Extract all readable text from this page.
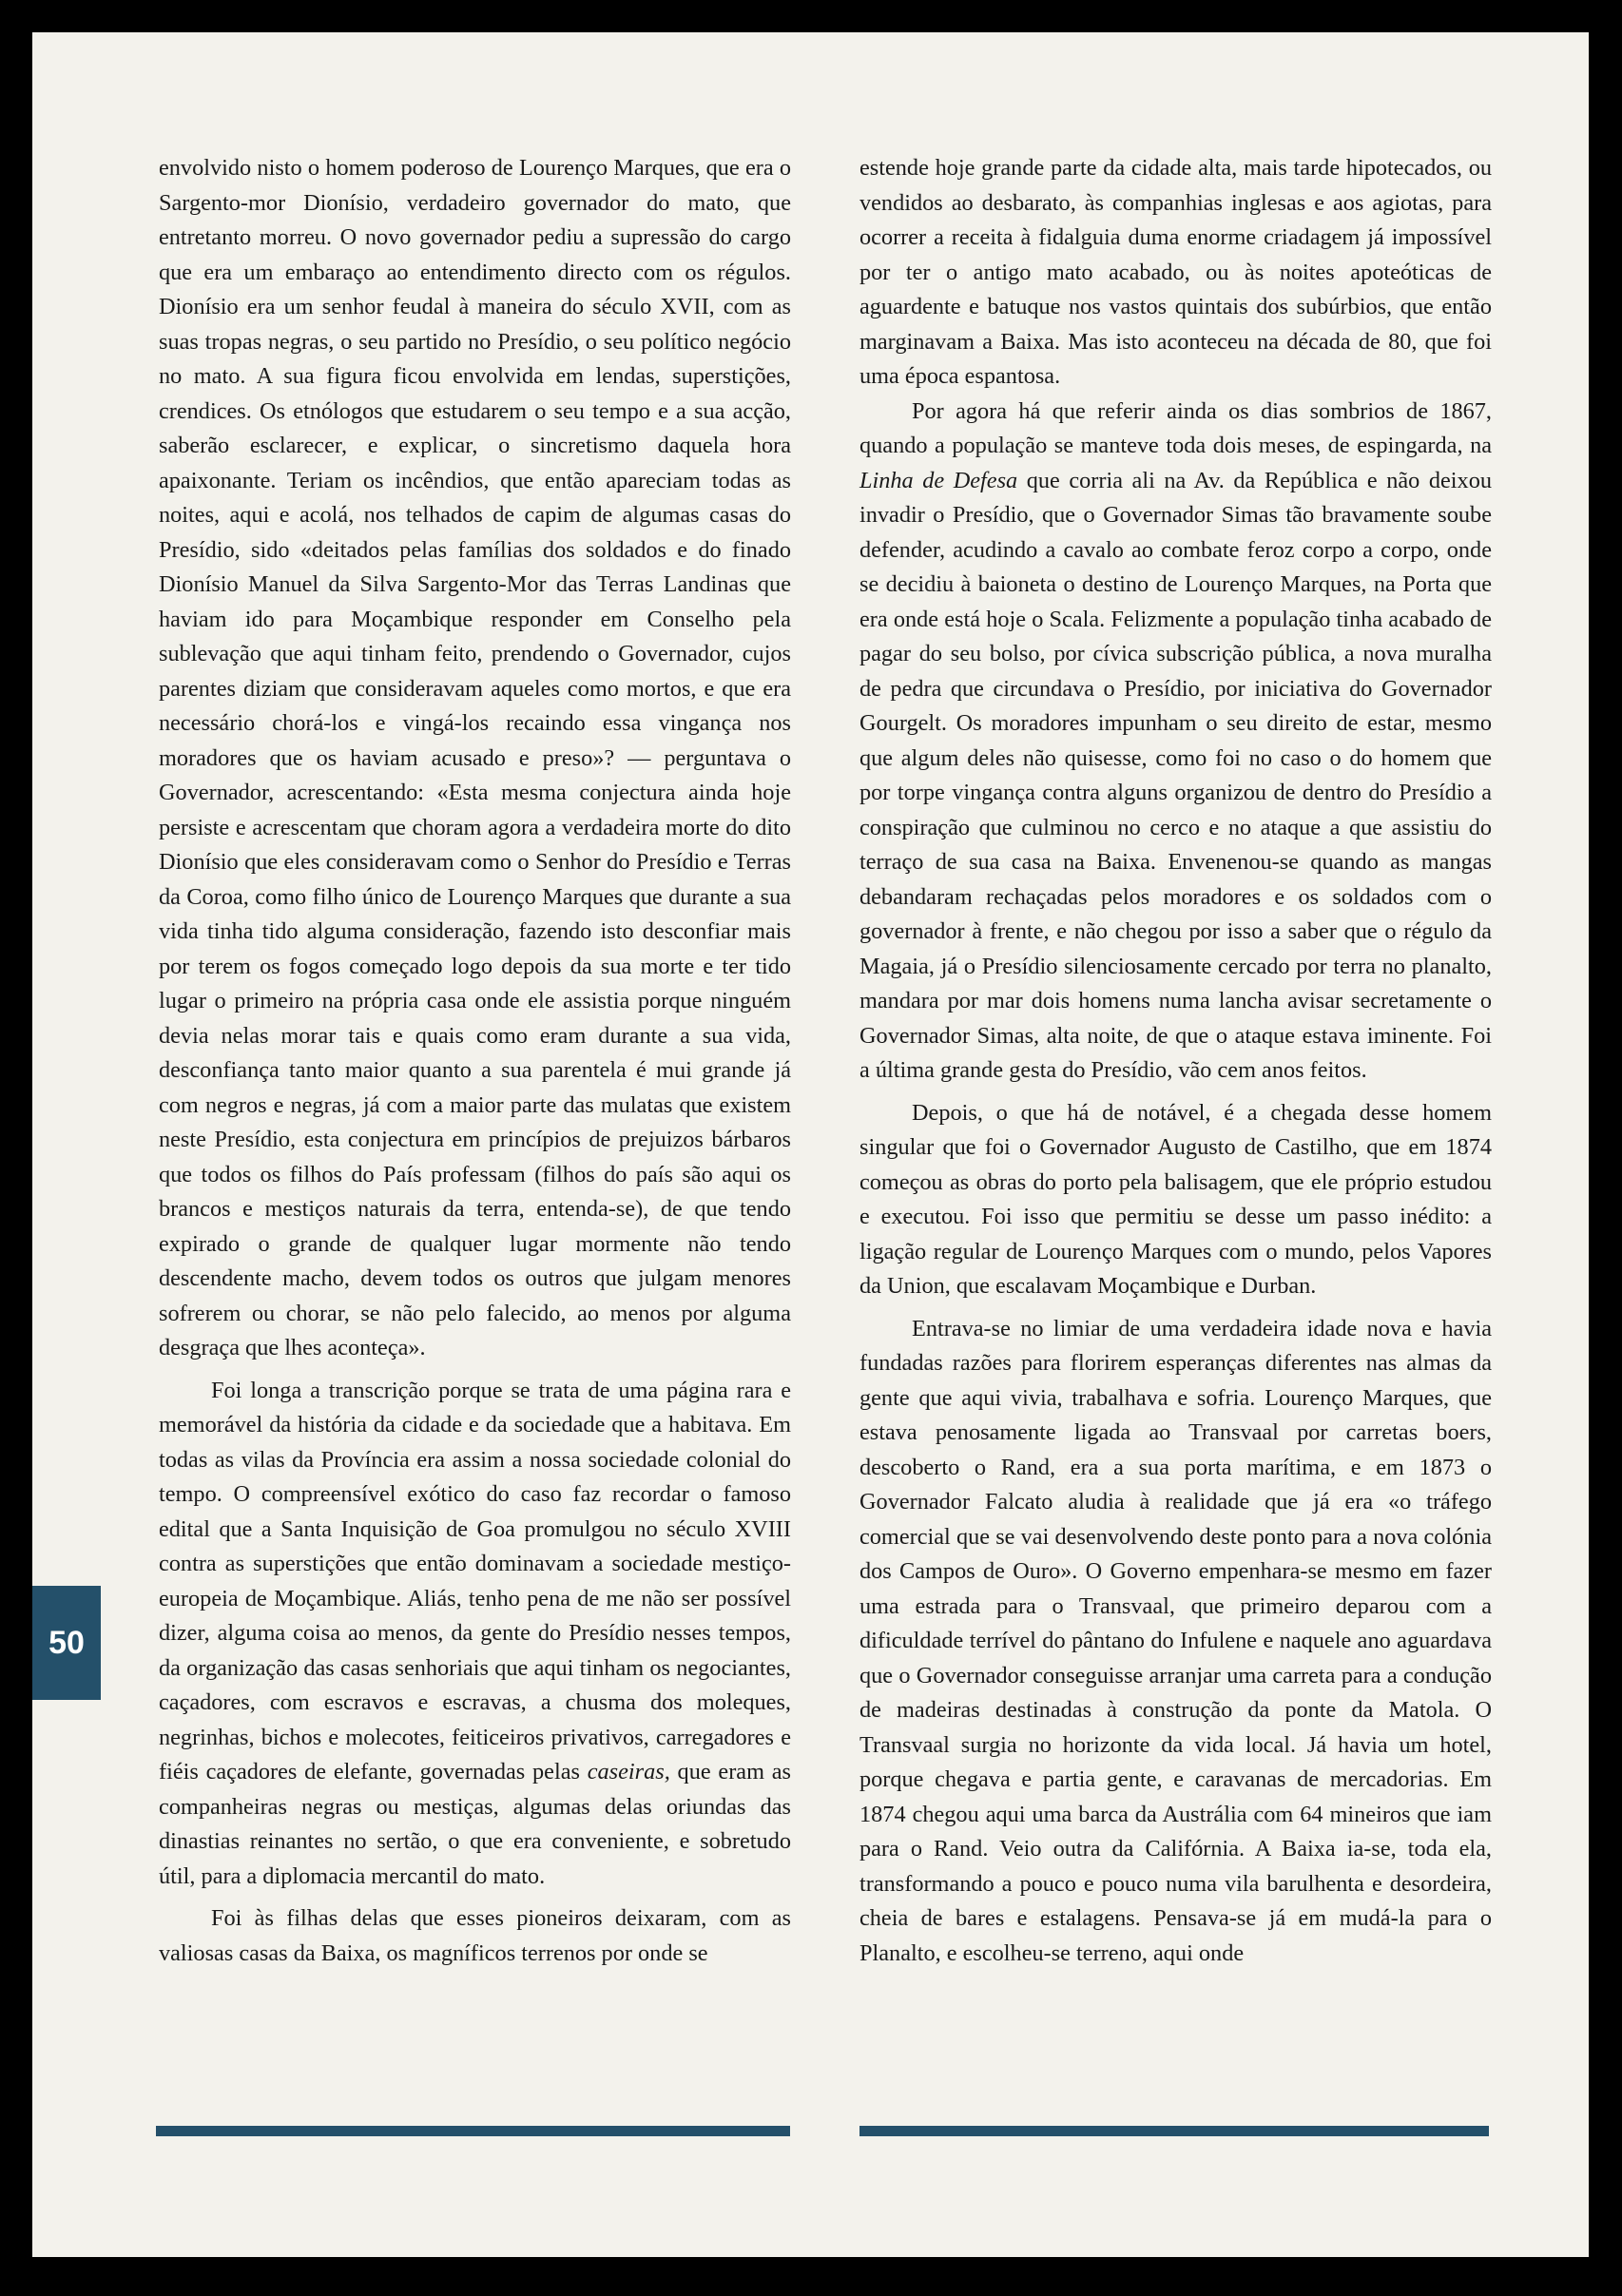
envolvido nisto o homem poderoso de Lourenço Marques, que era o Sargento-mor Dionísio, verdadeiro governador do mato, que entretanto morreu. O novo governador pediu a supressão do cargo que era um embaraço ao entendimento directo com os régulos. Dionísio era um senhor feudal à maneira do século XVII, com as suas tropas negras, o seu partido no Presídio, o seu político negócio no mato. A sua figura ficou envolvida em lendas, superstições, crendices. Os etnólogos que estudarem o seu tempo e a sua acção, saberão esclarecer, e explicar, o sincretismo daquela hora apaixonante. Teriam os incêndios, que então apareciam todas as noites, aqui e acolá, nos telhados de capim de algumas casas do Presídio, sido «deitados pelas famílias dos soldados e do finado Dionísio Manuel da Silva Sargento-Mor das Terras Landinas que haviam ido para Moçambique responder em Conselho pela sublevação que aqui tinham feito, prendendo o Governador, cujos parentes diziam que consideravam aqueles como mortos, e que era necessário chorá-los e vingá-los recaindo essa vingança nos moradores que os haviam acusado e preso»? — perguntava o Governador, acrescentando: «Esta mesma conjectura ainda hoje persiste e acrescentam que choram agora a verdadeira morte do dito Dionísio que eles consideravam como o Senhor do Presídio e Terras da Coroa, como filho único de Lourenço Marques que durante a sua vida tinha tido alguma consideração, fazendo isto desconfiar mais por terem os fogos começado logo depois da sua morte e ter tido lugar o primeiro na própria casa onde ele assistia porque ninguém devia nelas morar tais e quais como eram durante a sua vida, desconfiança tanto maior quanto a sua parentela é mui grande já com negros e negras, já com a maior parte das mulatas que existem neste Presídio, esta conjectura em princípios de prejuizos bárbaros que todos os filhos do País professam (filhos do país são aqui os brancos e mestiços naturais da terra, entenda-se), de que tendo expirado o grande de qualquer lugar mormente não tendo descendente macho, devem todos os outros que julgam menores sofrerem ou chorar, se não pelo falecido, ao menos por alguma desgraça que lhes aconteça».

Foi longa a transcrição porque se trata de uma página rara e memorável da história da cidade e da sociedade que a habitava. Em todas as vilas da Província era assim a nossa sociedade colonial do tempo. O compreensível exótico do caso faz recordar o famoso edital que a Santa Inquisição de Goa promulgou no século XVIII contra as superstições que então dominavam a sociedade mestiço-europeia de Moçambique. Aliás, tenho pena de me não ser possível dizer, alguma coisa ao menos, da gente do Presídio nesses tempos, da organização das casas senhoriais que aqui tinham os negociantes, caçadores, com escravos e escravas, a chusma dos moleques, negrinhas, bichos e molecotes, feiticeiros privativos, carregadores e fiéis caçadores de elefante, governadas pelas caseiras, que eram as companheiras negras ou mestiças, algumas delas oriundas das dinastias reinantes no sertão, o que era conveniente, e sobretudo útil, para a diplomacia mercantil do mato.

Foi às filhas delas que esses pioneiros deixaram, com as valiosas casas da Baixa, os magníficos terrenos por onde se

estende hoje grande parte da cidade alta, mais tarde hipotecados, ou vendidos ao desbarato, às companhias inglesas e aos agiotas, para ocorrer a receita à fidalguia duma enorme criadagem já impossível por ter o antigo mato acabado, ou às noites apoteóticas de aguardente e batuque nos vastos quintais dos subúrbios, que então marginavam a Baixa. Mas isto aconteceu na década de 80, que foi uma época espantosa.

Por agora há que referir ainda os dias sombrios de 1867, quando a população se manteve toda dois meses, de espingarda, na Linha de Defesa que corria ali na Av. da República e não deixou invadir o Presídio, que o Governador Simas tão bravamente soube defender, acudindo a cavalo ao combate feroz corpo a corpo, onde se decidiu à baioneta o destino de Lourenço Marques, na Porta que era onde está hoje o Scala. Felizmente a população tinha acabado de pagar do seu bolso, por cívica subscrição pública, a nova muralha de pedra que circundava o Presídio, por iniciativa do Governador Gourgelt. Os moradores impunham o seu direito de estar, mesmo que algum deles não quisesse, como foi no caso o do homem que por torpe vingança contra alguns organizou de dentro do Presídio a conspiração que culminou no cerco e no ataque a que assistiu do terraço de sua casa na Baixa. Envenenou-se quando as mangas debandaram rechaçadas pelos moradores e os soldados com o governador à frente, e não chegou por isso a saber que o régulo da Magaia, já o Presídio silenciosamente cercado por terra no planalto, mandara por mar dois homens numa lancha avisar secretamente o Governador Simas, alta noite, de que o ataque estava iminente. Foi a última grande gesta do Presídio, vão cem anos feitos.

Depois, o que há de notável, é a chegada desse homem singular que foi o Governador Augusto de Castilho, que em 1874 começou as obras do porto pela balisagem, que ele próprio estudou e executou. Foi isso que permitiu se desse um passo inédito: a ligação regular de Lourenço Marques com o mundo, pelos Vapores da Union, que escalavam Moçambique e Durban.

Entrava-se no limiar de uma verdadeira idade nova e havia fundadas razões para florirem esperanças diferentes nas almas da gente que aqui vivia, trabalhava e sofria. Lourenço Marques, que estava penosamente ligada ao Transvaal por carretas boers, descoberto o Rand, era a sua porta marítima, e em 1873 o Governador Falcato aludia à realidade que já era «o tráfego comercial que se vai desenvolvendo deste ponto para a nova colónia dos Campos de Ouro». O Governo empenhara-se mesmo em fazer uma estrada para o Transvaal, que primeiro deparou com a dificuldade terrível do pântano do Infulene e naquele ano aguardava que o Governador conseguisse arranjar uma carreta para a condução de madeiras destinadas à construção da ponte da Matola. O Transvaal surgia no horizonte da vida local. Já havia um hotel, porque chegava e partia gente, e caravanas de mercadorias. Em 1874 chegou aqui uma barca da Austrália com 64 mineiros que iam para o Rand. Veio outra da Califórnia. A Baixa ia-se, toda ela, transformando a pouco e pouco numa vila barulhenta e desordeira, cheia de bares e estalagens. Pensava-se já em mudá-la para o Planalto, e escolheu-se terreno, aqui onde

50
